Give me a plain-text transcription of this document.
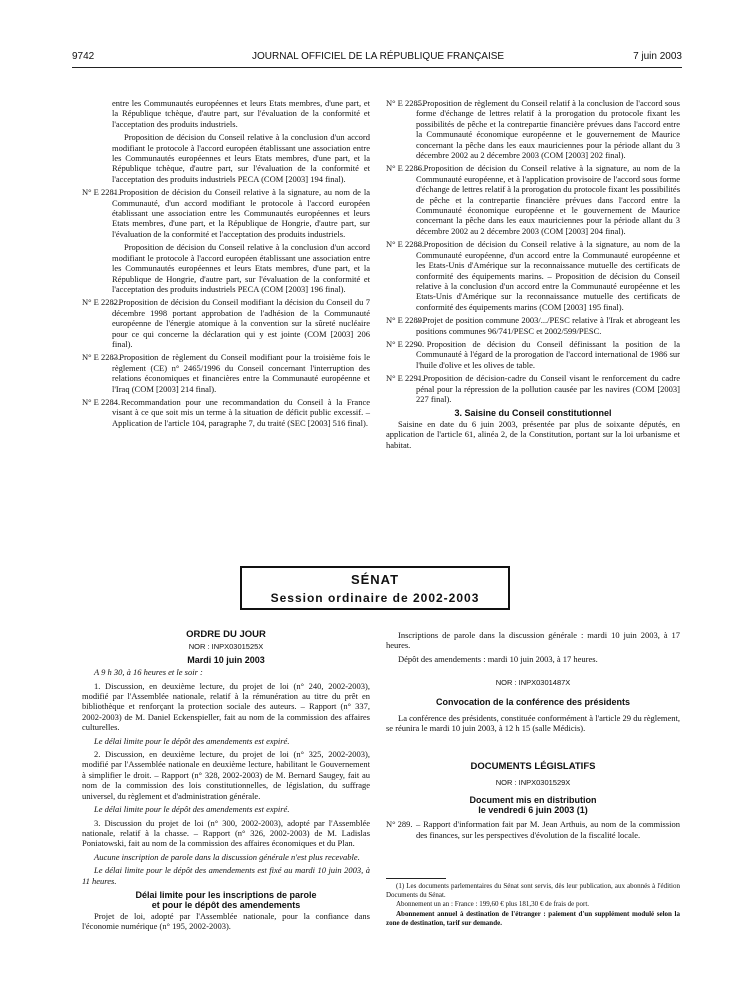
9742	JOURNAL OFFICIEL DE LA RÉPUBLIQUE FRANÇAISE	7 juin 2003

entre les Communautés européennes et leurs Etats membres, d'une part, et la République tchèque, d'autre part, sur l'évaluation de la conformité et l'acceptation des produits industriels.

Proposition de décision du Conseil relative à la conclusion d'un accord modifiant le protocole à l'accord européen établissant une association entre les Communautés européennes et leurs Etats membres, d'une part, et la République tchèque, d'autre part, sur l'évaluation de la conformité et l'acceptation des produits industriels PECA (COM [2003] 194 final).

N° E 2281.
– Proposition de décision du Conseil relative à la signature, au nom de la Communauté, d'un accord modifiant le protocole à l'accord européen établissant une association entre les Communautés européennes et leurs Etats membres, d'une part, et la République de Hongrie, d'autre part, sur l'évaluation de la conformité et l'acceptation des produits industriels.

Proposition de décision du Conseil relative à la conclusion d'un accord modifiant le protocole à l'accord européen établissant une association entre les Communautés européennes et leurs Etats membres, d'une part, et la République de Hongrie, d'autre part, sur l'évaluation de la conformité et l'acceptation des produits industriels PECA (COM [2003] 196 final).

N° E 2282.
– Proposition de décision du Conseil modifiant la décision du Conseil du 7 décembre 1998 portant approbation de l'adhésion de la Communauté européenne de l'énergie atomique à la convention sur la sûreté nucléaire pour ce qui concerne la déclaration qui y est jointe (COM [2003] 206 final).
N° E 2283.
– Proposition de règlement du Conseil modifiant pour la troisième fois le règlement (CE) n° 2465/1996 du Conseil concernant l'interruption des relations économiques et financières entre la Communauté européenne et l'Iraq (COM [2003] 214 final).
N° E 2284.
– Recommandation pour une recommandation du Conseil à la France visant à ce que soit mis un terme à la situation de déficit public excessif. – Application de l'article 104, paragraphe 7, du traité (SEC [2003] 516 final).
N° E 2285.
– Proposition de règlement du Conseil relatif à la conclusion de l'accord sous forme d'échange de lettres relatif à la prorogation du protocole fixant les possibilités de pêche et la contrepartie financière prévues dans l'accord entre la Communauté économique européenne et le gouvernement de Maurice concernant la pêche dans les eaux mauriciennes pour la période allant du 3 décembre 2002 au 2 décembre 2003 (COM [2003] 202 final).
N° E 2286.
– Proposition de décision du Conseil relative à la signature, au nom de la Communauté européenne, et à l'application provisoire de l'accord sous forme d'échange de lettres relatif à la prorogation du protocole fixant les possibilités de pêche et la contrepartie financière prévues dans l'accord entre la Communauté économique européenne et le gouvernement de Maurice concernant la pêche dans les eaux mauriciennes pour la période allant du 3 décembre 2002 au 2 décembre 2003 (COM [2003] 204 final).
N° E 2288.
– Proposition de décision du Conseil relative à la signature, au nom de la Communauté européenne, d'un accord entre la Communauté européenne et les Etats-Unis d'Amérique sur la reconnaissance mutuelle des certificats de conformité des équipements marins. – Proposition de décision du Conseil relative à la conclusion d'un accord entre la Communauté européenne et les Etats-Unis d'Amérique sur la reconnaissance mutuelle des certificats de conformité des équipements marins (COM [2003] 195 final).
N° E 2289.
– Projet de position commune 2003/.../PESC relative à l'Irak et abrogeant les positions communes 96/741/PESC et 2002/599/PESC.
N° E 2290.
– Proposition de décision du Conseil définissant la position de la Communauté à l'égard de la prorogation de l'accord international de 1986 sur l'huile d'olive et les olives de table.
N° E 2291.
– Proposition de décision-cadre du Conseil visant le renforcement du cadre pénal pour la répression de la pollution causée par les navires (COM [2003] 227 final).

3. Saisine du Conseil constitutionnel

Saisine en date du 6 juin 2003, présentée par plus de soixante députés, en application de l'article 61, alinéa 2, de la Constitution, portant sur la loi urbanisme et habitat.

SÉNAT
Session ordinaire de 2002-2003

ORDRE DU JOUR

NOR : INPX0301525X

Mardi 10 juin 2003

A 9 h 30, à 16 heures et le soir :

1. Discussion, en deuxième lecture, du projet de loi (n° 240, 2002-2003), modifié par l'Assemblée nationale, relatif à la rémunération au titre du prêt en bibliothèque et renforçant la protection sociale des auteurs. – Rapport (n° 337, 2002-2003) de M. Daniel Eckenspieller, fait au nom de la commission des affaires culturelles.

Le délai limite pour le dépôt des amendements est expiré.

2. Discussion, en deuxième lecture, du projet de loi (n° 325, 2002-2003), modifié par l'Assemblée nationale en deuxième lecture, habilitant le Gouvernement à simplifier le droit. – Rapport (n° 328, 2002-2003) de M. Bernard Saugey, fait au nom de la commission des lois constitutionnelles, de législation, du suffrage universel, du règlement et d'administration générale.

Le délai limite pour le dépôt des amendements est expiré.

3. Discussion du projet de loi (n° 300, 2002-2003), adopté par l'Assemblée nationale, relatif à la chasse. – Rapport (n° 326, 2002-2003) de M. Ladislas Poniatowski, fait au nom de la commission des affaires économiques et du Plan.

Aucune inscription de parole dans la discussion générale n'est plus recevable.

Le délai limite pour le dépôt des amendements est fixé au mardi 10 juin 2003, à 11 heures.

Délai limite pour les inscriptions de parole

et pour le dépôt des amendements

Projet de loi, adopté par l'Assemblée nationale, pour la confiance dans l'économie numérique (n° 195, 2002-2003).

Inscriptions de parole dans la discussion générale : mardi 10 juin 2003, à 17 heures.

Dépôt des amendements : mardi 10 juin 2003, à 17 heures.

NOR : INPX0301487X

Convocation de la conférence des présidents

La conférence des présidents, constituée conformément à l'article 29 du règlement, se réunira le mardi 10 juin 2003, à 12 h 15 (salle Médicis).

DOCUMENTS LÉGISLATIFS

NOR : INPX0301529X

Document mis en distribution

le vendredi 6 juin 2003 (1)

N° 289. – Rapport d'information fait par M. Jean Arthuis, au nom de la commission des finances, sur les perspectives d'évolution de la fiscalité locale.

(1) Les documents parlementaires du Sénat sont servis, dès leur publication, aux abonnés à l'édition Documents du Sénat.

Abonnement un an : France : 199,60 € plus 181,30 € de frais de port.

Abonnement annuel à destination de l'étranger : paiement d'un supplément modulé selon la zone de destination, tarif sur demande.
